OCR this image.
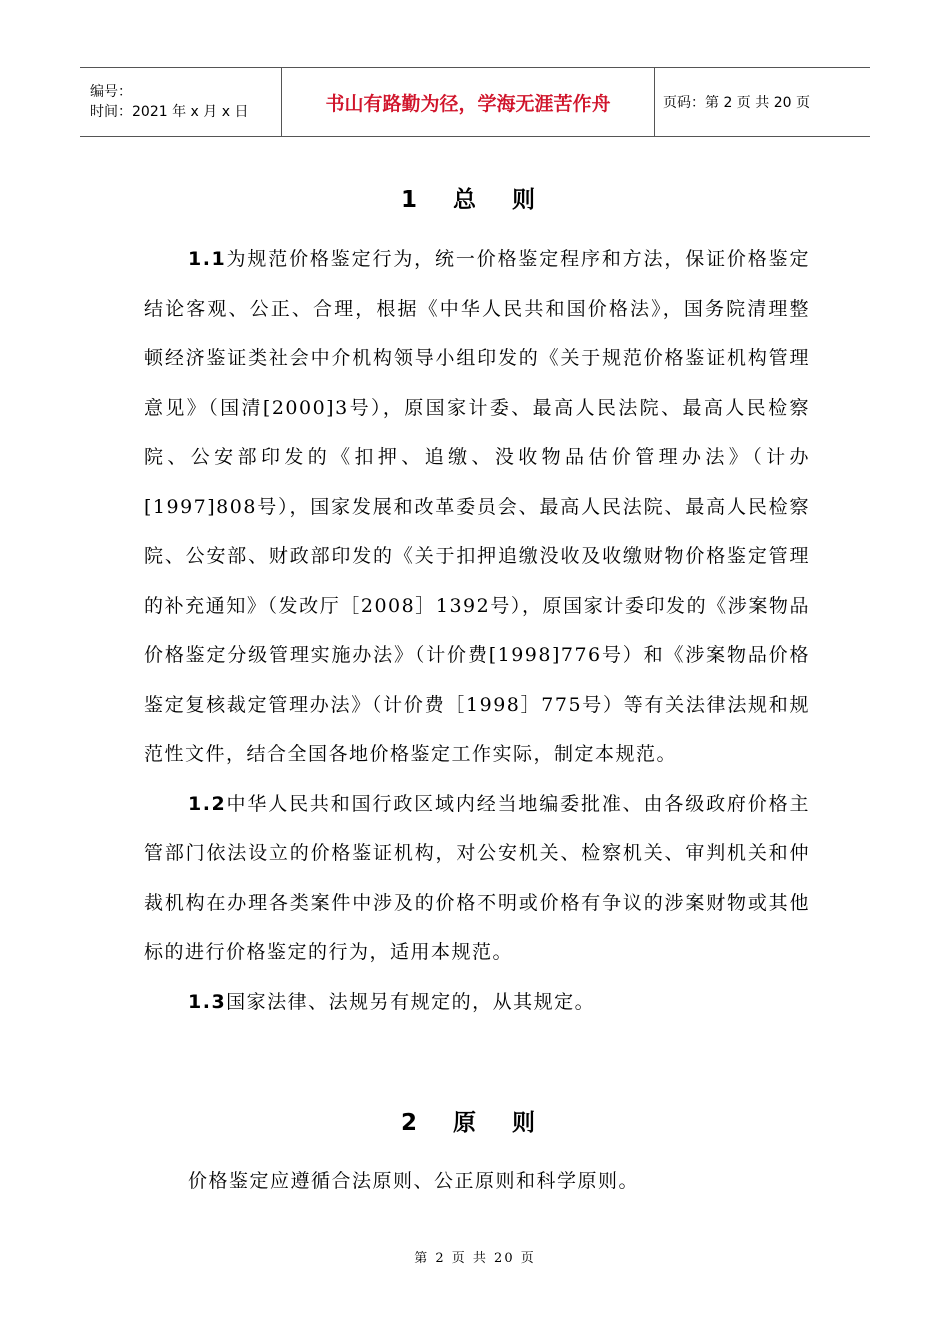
编号：
时间：2021 年 x 月 x 日	书山有路勤为径，学海无涯苦作舟	页码：第 2 页 共 20 页
1 总 则

1.1为规范价格鉴定行为，统一价格鉴定程序和方法，保证价格鉴定结论客观、公正、合理，根据《中华人民共和国价格法》，国务院清理整顿经济鉴证类社会中介机构领导小组印发的《关于规范价格鉴证机构管理意见》（国清[2000]3号），原国家计委、最高人民法院、最高人民检察院、公安部印发的《扣押、追缴、没收物品估价管理办法》（计办[1997]808号），国家发展和改革委员会、最高人民法院、最高人民检察院、公安部、财政部印发的《关于扣押追缴没收及收缴财物价格鉴定管理的补充通知》（发改厅［2008］1392号），原国家计委印发的《涉案物品价格鉴定分级管理实施办法》（计价费[1998]776号）和《涉案物品价格鉴定复核裁定管理办法》（计价费［1998］775号）等有关法律法规和规范性文件，结合全国各地价格鉴定工作实际，制定本规范。

1.2中华人民共和国行政区域内经当地编委批准、由各级政府价格主管部门依法设立的价格鉴证机构，对公安机关、检察机关、审判机关和仲裁机构在办理各类案件中涉及的价格不明或价格有争议的涉案财物或其他标的进行价格鉴定的行为，适用本规范。

1.3国家法律、法规另有规定的，从其规定。

2 原 则

价格鉴定应遵循合法原则、公正原则和科学原则。

第 2 页 共 20 页
